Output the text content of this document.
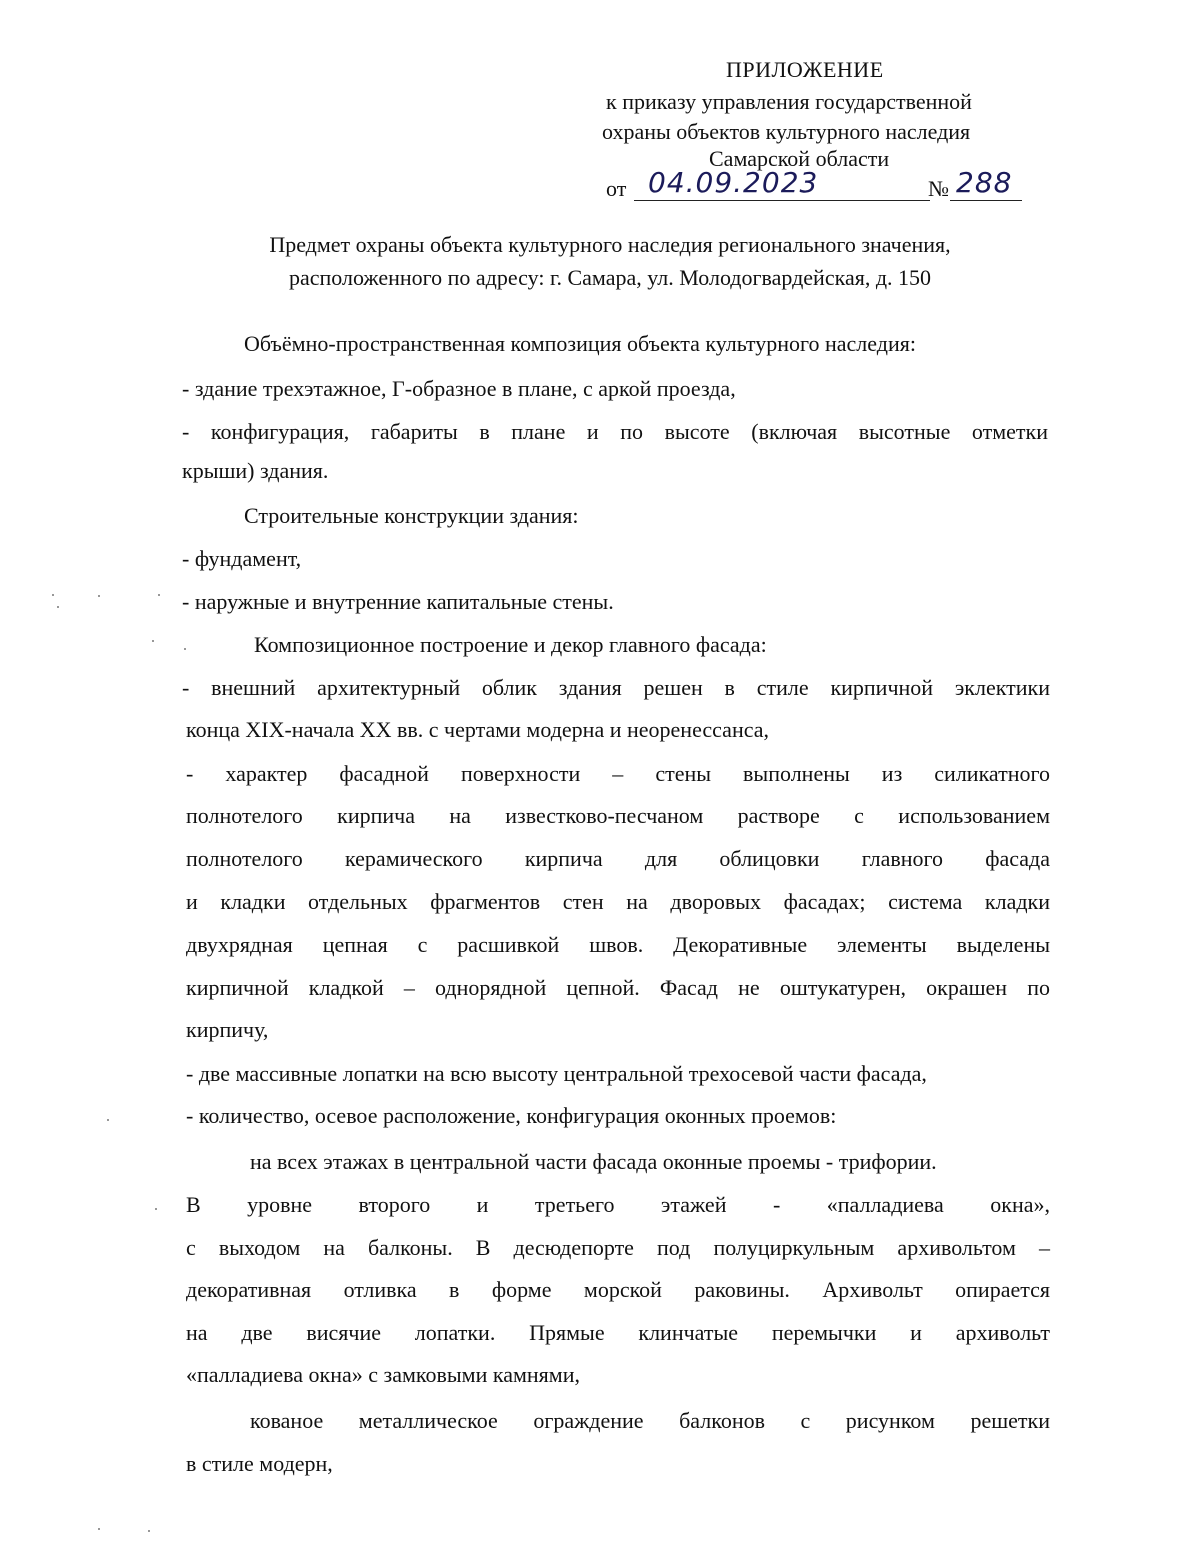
ПРИЛОЖЕНИЕ
к приказу управления государственной
охраны объектов культурного наследия
Самарской области
от 04.09.2023	№ 288
Предмет охраны объекта культурного наследия регионального значения,
расположенного по адресу: г. Самара, ул. Молодогвардейская, д. 150
Объёмно-пространственная композиция объекта культурного наследия:
- здание трехэтажное, Г-образное в плане, с аркой проезда,
- конфигурация, габариты в плане и по высоте (включая высотные отметки
крыши) здания.
Строительные конструкции здания:
- фундамент,
- наружные и внутренние капитальные стены.
Композиционное построение и декор главного фасада:
- внешний архитектурный облик здания решен в стиле кирпичной эклектики
конца XIX-начала XX вв. с чертами модерна и неоренессанса,
- характер фасадной поверхности – стены выполнены из силикатного
полнотелого кирпича на известково-песчаном растворе с использованием
полнотелого керамического кирпича для облицовки главного фасада
и кладки отдельных фрагментов стен на дворовых фасадах; система кладки
двухрядная цепная с расшивкой швов. Декоративные элементы выделены
кирпичной кладкой – однорядной цепной. Фасад не оштукатурен, окрашен по
кирпичу,
- две массивные лопатки на всю высоту центральной трехосевой части фасада,
- количество, осевое расположение, конфигурация оконных проемов:
на всех этажах в центральной части фасада оконные проемы - трифории.
В уровне второго и третьего этажей - «палладиева окна»,
с выходом на балконы. В десюдепорте под полуциркульным архивольтом –
декоративная отливка в форме морской раковины. Архивольт опирается
на две висячие лопатки. Прямые клинчатые перемычки и архивольт
«палладиева окна» с замковыми камнями,
кованое металлическое ограждение балконов с рисунком решетки
в стиле модерн,
